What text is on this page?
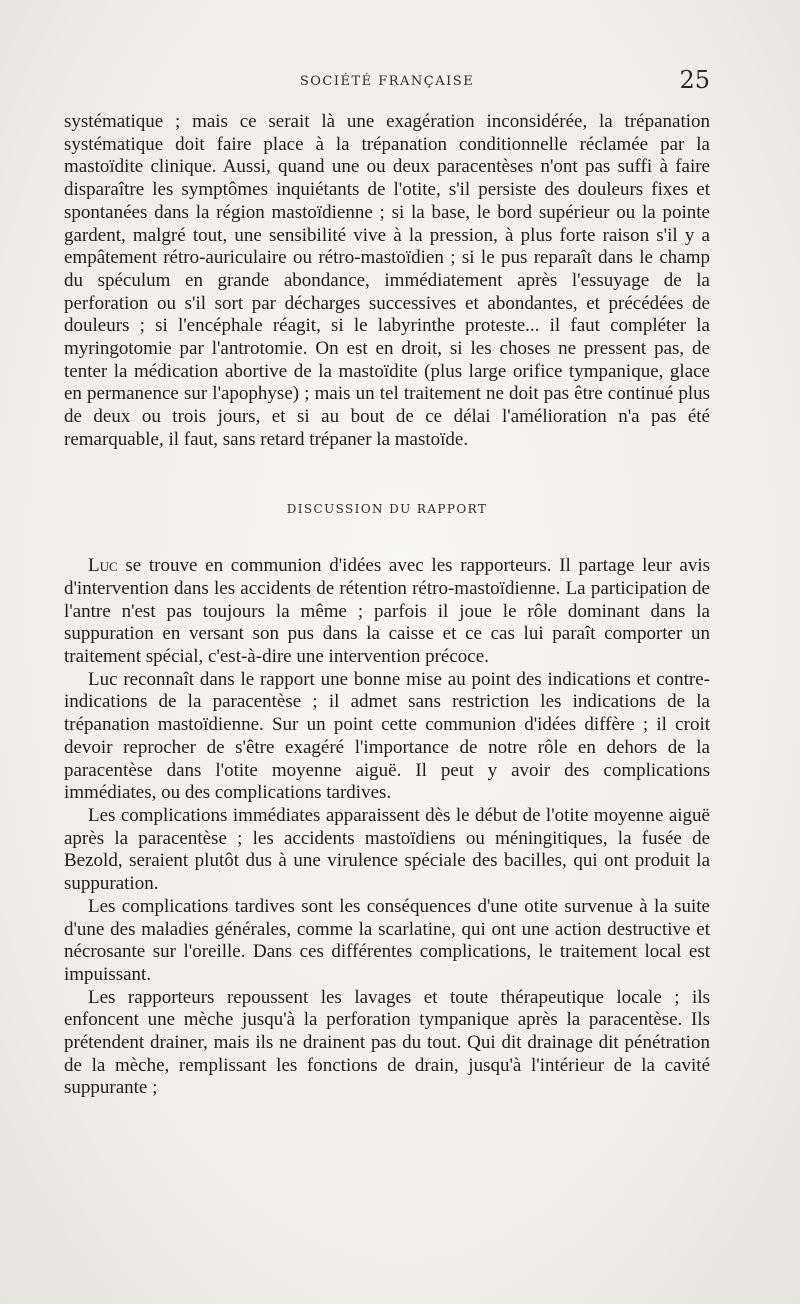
SOCIÉTÉ FRANÇAISE	25

systématique ; mais ce serait là une exagération inconsidérée, la trépanation systématique doit faire place à la trépanation conditionnelle réclamée par la mastoïdite clinique. Aussi, quand une ou deux paracentèses n'ont pas suffi à faire disparaître les symptômes inquiétants de l'otite, s'il persiste des douleurs fixes et spontanées dans la région mastoïdienne ; si la base, le bord supérieur ou la pointe gardent, malgré tout, une sensibilité vive à la pression, à plus forte raison s'il y a empâtement rétro-auriculaire ou rétro-mastoïdien ; si le pus reparaît dans le champ du spéculum en grande abondance, immédiatement après l'essuyage de la perforation ou s'il sort par décharges successives et abondantes, et précédées de douleurs ; si l'encéphale réagit, si le labyrinthe proteste... il faut compléter la myringotomie par l'antrotomie. On est en droit, si les choses ne pressent pas, de tenter la médication abortive de la mastoïdite (plus large orifice tympanique, glace en permanence sur l'apophyse) ; mais un tel traitement ne doit pas être continué plus de deux ou trois jours, et si au bout de ce délai l'amélioration n'a pas été remarquable, il faut, sans retard trépaner la mastoïde.

DISCUSSION DU RAPPORT

Luc se trouve en communion d'idées avec les rapporteurs. Il partage leur avis d'intervention dans les accidents de rétention rétro-mastoïdienne. La participation de l'antre n'est pas toujours la même ; parfois il joue le rôle dominant dans la suppuration en versant son pus dans la caisse et ce cas lui paraît comporter un traitement spécial, c'est-à-dire une intervention précoce.

Luc reconnaît dans le rapport une bonne mise au point des indications et contre-indications de la paracentèse ; il admet sans restriction les indications de la trépanation mastoïdienne. Sur un point cette communion d'idées diffère ; il croit devoir reprocher de s'être exagéré l'importance de notre rôle en dehors de la paracentèse dans l'otite moyenne aiguë. Il peut y avoir des complications immédiates, ou des complications tardives.

Les complications immédiates apparaissent dès le début de l'otite moyenne aiguë après la paracentèse ; les accidents mastoïdiens ou méningitiques, la fusée de Bezold, seraient plutôt dus à une virulence spéciale des bacilles, qui ont produit la suppuration.

Les complications tardives sont les conséquences d'une otite survenue à la suite d'une des maladies générales, comme la scarlatine, qui ont une action destructive et nécrosante sur l'oreille. Dans ces différentes complications, le traitement local est impuissant.

Les rapporteurs repoussent les lavages et toute thérapeutique locale ; ils enfoncent une mèche jusqu'à la perforation tympanique après la paracentèse. Ils prétendent drainer, mais ils ne drainent pas du tout. Qui dit drainage dit pénétration de la mèche, remplissant les fonctions de drain, jusqu'à l'intérieur de la cavité suppurante ;
